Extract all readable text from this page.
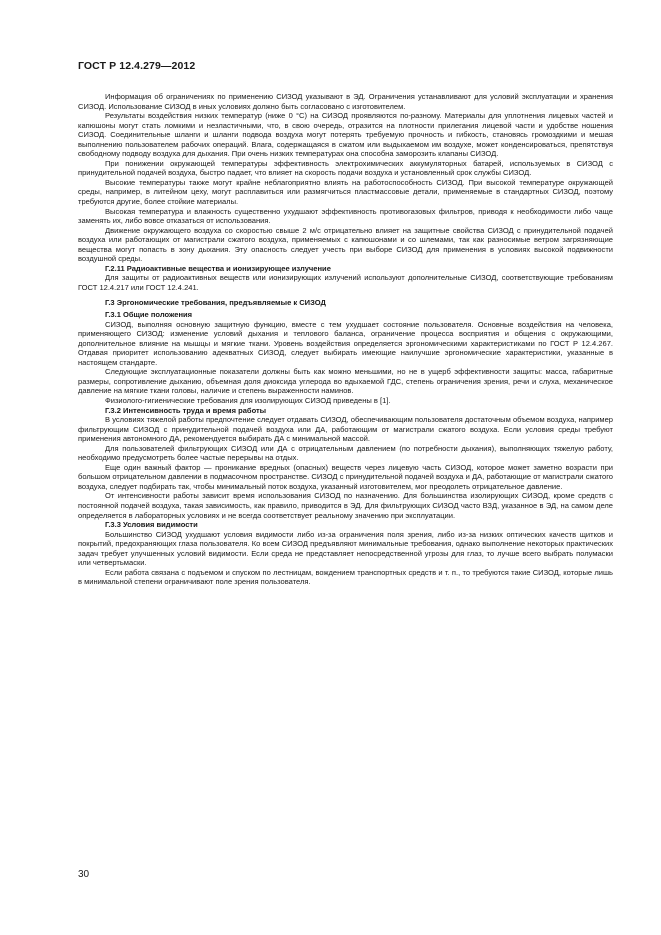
ГОСТ Р 12.4.279—2012

Информация об ограничениях по применению СИЗОД указывают в ЭД. Ограничения устанавливают для условий эксплуатации и хранения СИЗОД. Использование СИЗОД в иных условиях должно быть согласовано с изготовителем.

Результаты воздействия низких температур (ниже 0 °С) на СИЗОД проявляются по-разному. Материалы для уплотнения лицевых частей и капюшоны могут стать ломкими и незластичными, что, в свою очередь, отразится на плотности прилегания лицевой части и удобстве ношения СИЗОД. Соединительные шланги и шланги подвода воздуха могут потерять требуемую прочность и гибкость, становясь громоздкими и мешая выполнению пользователем рабочих операций. Влага, содержащаяся в сжатом или выдыхаемом им воздухе, может конденсироваться, препятствуя свободному подводу воздуха для дыхания. При очень низких температурах она способна заморозить клапаны СИЗОД.

При понижении окружающей температуры эффективность электрохимических аккумуляторных батарей, используемых в СИЗОД с принудительной подачей воздуха, быстро падает, что влияет на скорость подачи воздуха и установленный срок службы СИЗОД.

Высокие температуры также могут крайне неблагоприятно влиять на работоспособность СИЗОД. При высокой температуре окружающей среды, например, в литейном цеху, могут расплавиться или размягчиться пластмассовые детали, применяемые в стандартных СИЗОД, поэтому требуются другие, более стойкие материалы.

Высокая температура и влажность существенно ухудшают эффективность противогазовых фильтров, приводя к необходимости либо чаще заменять их, либо вовсе отказаться от использования.

Движение окружающего воздуха со скоростью свыше 2 м/с отрицательно влияет на защитные свойства СИЗОД с принудительной подачей воздуха или работающих от магистрали сжатого воздуха, применяемых с капюшонами и со шлемами, так как разносимые ветром загрязняющие вещества могут попасть в зону дыхания. Эту опасность следует учесть при выборе СИЗОД для применения в условиях высокой подвижности воздушной среды.

Г.2.11 Радиоактивные вещества и ионизирующее излучение

Для защиты от радиоактивных веществ или ионизирующих излучений используют дополнительные СИЗОД, соответствующие требованиям ГОСТ 12.4.217 или ГОСТ 12.4.241.

Г.3 Эргономические требования, предъявляемые к СИЗОД

Г.3.1 Общие положения

СИЗОД, выполняя основную защитную функцию, вместе с тем ухудшает состояние пользователя. Основные воздействия на человека, применяющего СИЗОД: изменение условий дыхания и теплового баланса, ограничение процесса восприятия и общения с окружающими, дополнительное влияние на мышцы и мягкие ткани. Уровень воздействия определяется эргономическими характеристиками по ГОСТ Р 12.4.267. Отдавая приоритет использованию адекватных СИЗОД, следует выбирать имеющие наилучшие эргономические характеристики, указанные в настоящем стандарте.

Следующие эксплуатационные показатели должны быть как можно меньшими, но не в ущерб эффективности защиты: масса, габаритные размеры, сопротивление дыханию, объемная доля диоксида углерода во вдыхаемой ГДС, степень ограничения зрения, речи и слуха, механическое давление на мягкие ткани головы, наличие и степень выраженности наминов.

Физиолого-гигиенические требования для изолирующих СИЗОД приведены в [1].

Г.3.2 Интенсивность труда и время работы

В условиях тяжелой работы предпочтение следует отдавать СИЗОД, обеспечивающим пользователя достаточным объемом воздуха, например фильтрующим СИЗОД с принудительной подачей воздуха или ДА, работающим от магистрали сжатого воздуха. Если условия среды требуют применения автономного ДА, рекомендуется выбирать ДА с минимальной массой.

Для пользователей фильтрующих СИЗОД или ДА с отрицательным давлением (по потребности дыхания), выполняющих тяжелую работу, необходимо предусмотреть более частые перерывы на отдых.

Еще один важный фактор — проникание вредных (опасных) веществ через лицевую часть СИЗОД, которое может заметно возрасти при большом отрицательном давлении в подмасочном пространстве. СИЗОД с принудительной подачей воздуха и ДА, работающие от магистрали сжатого воздуха, следует подбирать так, чтобы минимальный поток воздуха, указанный изготовителем, мог преодолеть отрицательное давление.

От интенсивности работы зависит время использования СИЗОД по назначению. Для большинства изолирующих СИЗОД, кроме средств с постоянной подачей воздуха, такая зависимость, как правило, приводится в ЭД. Для фильтрующих СИЗОД часто ВЗД, указанное в ЭД, на самом деле определяется в лабораторных условиях и не всегда соответствует реальному значению при эксплуатации.

Г.3.3 Условия видимости

Большинство СИЗОД ухудшают условия видимости либо из-за ограничения поля зрения, либо из-за низких оптических качеств щитков и покрытий, предохраняющих глаза пользователя. Ко всем СИЗОД предъявляют минимальные требования, однако выполнение некоторых практических задач требует улучшенных условий видимости. Если среда не представляет непосредственной угрозы для глаз, то лучше всего выбрать полумаски или четвертьмаски.

Если работа связана с подъемом и спуском по лестницам, вождением транспортных средств и т. п., то требуются такие СИЗОД, которые лишь в минимальной степени ограничивают поле зрения пользователя.

30
